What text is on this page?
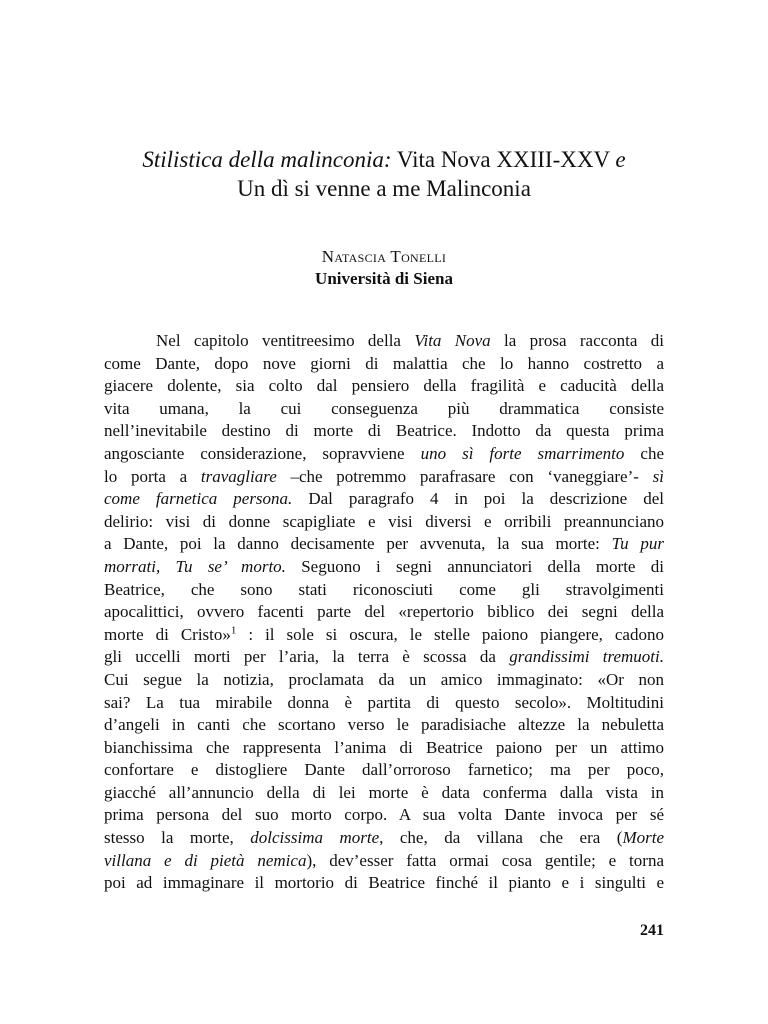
Stilistica della malinconia: Vita Nova XXIII-XXV e
Un dì si venne a me Malinconia
Natascia Tonelli
Università di Siena
Nel capitolo ventitreesimo della Vita Nova la prosa racconta di
come Dante, dopo nove giorni di malattia che lo hanno costretto a
giacere dolente, sia colto dal pensiero della fragilità e caducità della
vita umana, la cui conseguenza più drammatica consiste
nell’inevitabile destino di morte di Beatrice. Indotto da questa prima
angosciante considerazione, sopravviene uno sì forte smarrimento che
lo porta a travagliare –che potremmo parafrasare con ‘vaneggiare’- sì
come farnetica persona. Dal paragrafo 4 in poi la descrizione del
delirio: visi di donne scapigliate e visi diversi e orribili preannunciano
a Dante, poi la danno decisamente per avvenuta, la sua morte: Tu pur
morrati, Tu se’ morto. Seguono i segni annunciatori della morte di
Beatrice, che sono stati riconosciuti come gli stravolgimenti
apocalittici, ovvero facenti parte del «repertorio biblico dei segni della
morte di Cristo»$^1$ : il sole si oscura, le stelle paiono piangere, cadono
gli uccelli morti per l’aria, la terra è scossa da grandissimi tremuoti.
Cui segue la notizia, proclamata da un amico immaginato: «Or non
sai? La tua mirabile donna è partita di questo secolo». Moltitudini
d’angeli in canti che scortano verso le paradisiache altezze la nebuletta
bianchissima che rappresenta l’anima di Beatrice paiono per un attimo
confortare e distogliere Dante dall’orroroso farnetico; ma per poco,
giacché all’annuncio della di lei morte è data conferma dalla vista in
prima persona del suo morto corpo. A sua volta Dante invoca per sé
stesso la morte, dolcissima morte, che, da villana che era (Morte
villana e di pietà nemica), dev’esser fatta ormai cosa gentile; e torna
poi ad immaginare il mortorio di Beatrice finché il pianto e i singulti e
241
